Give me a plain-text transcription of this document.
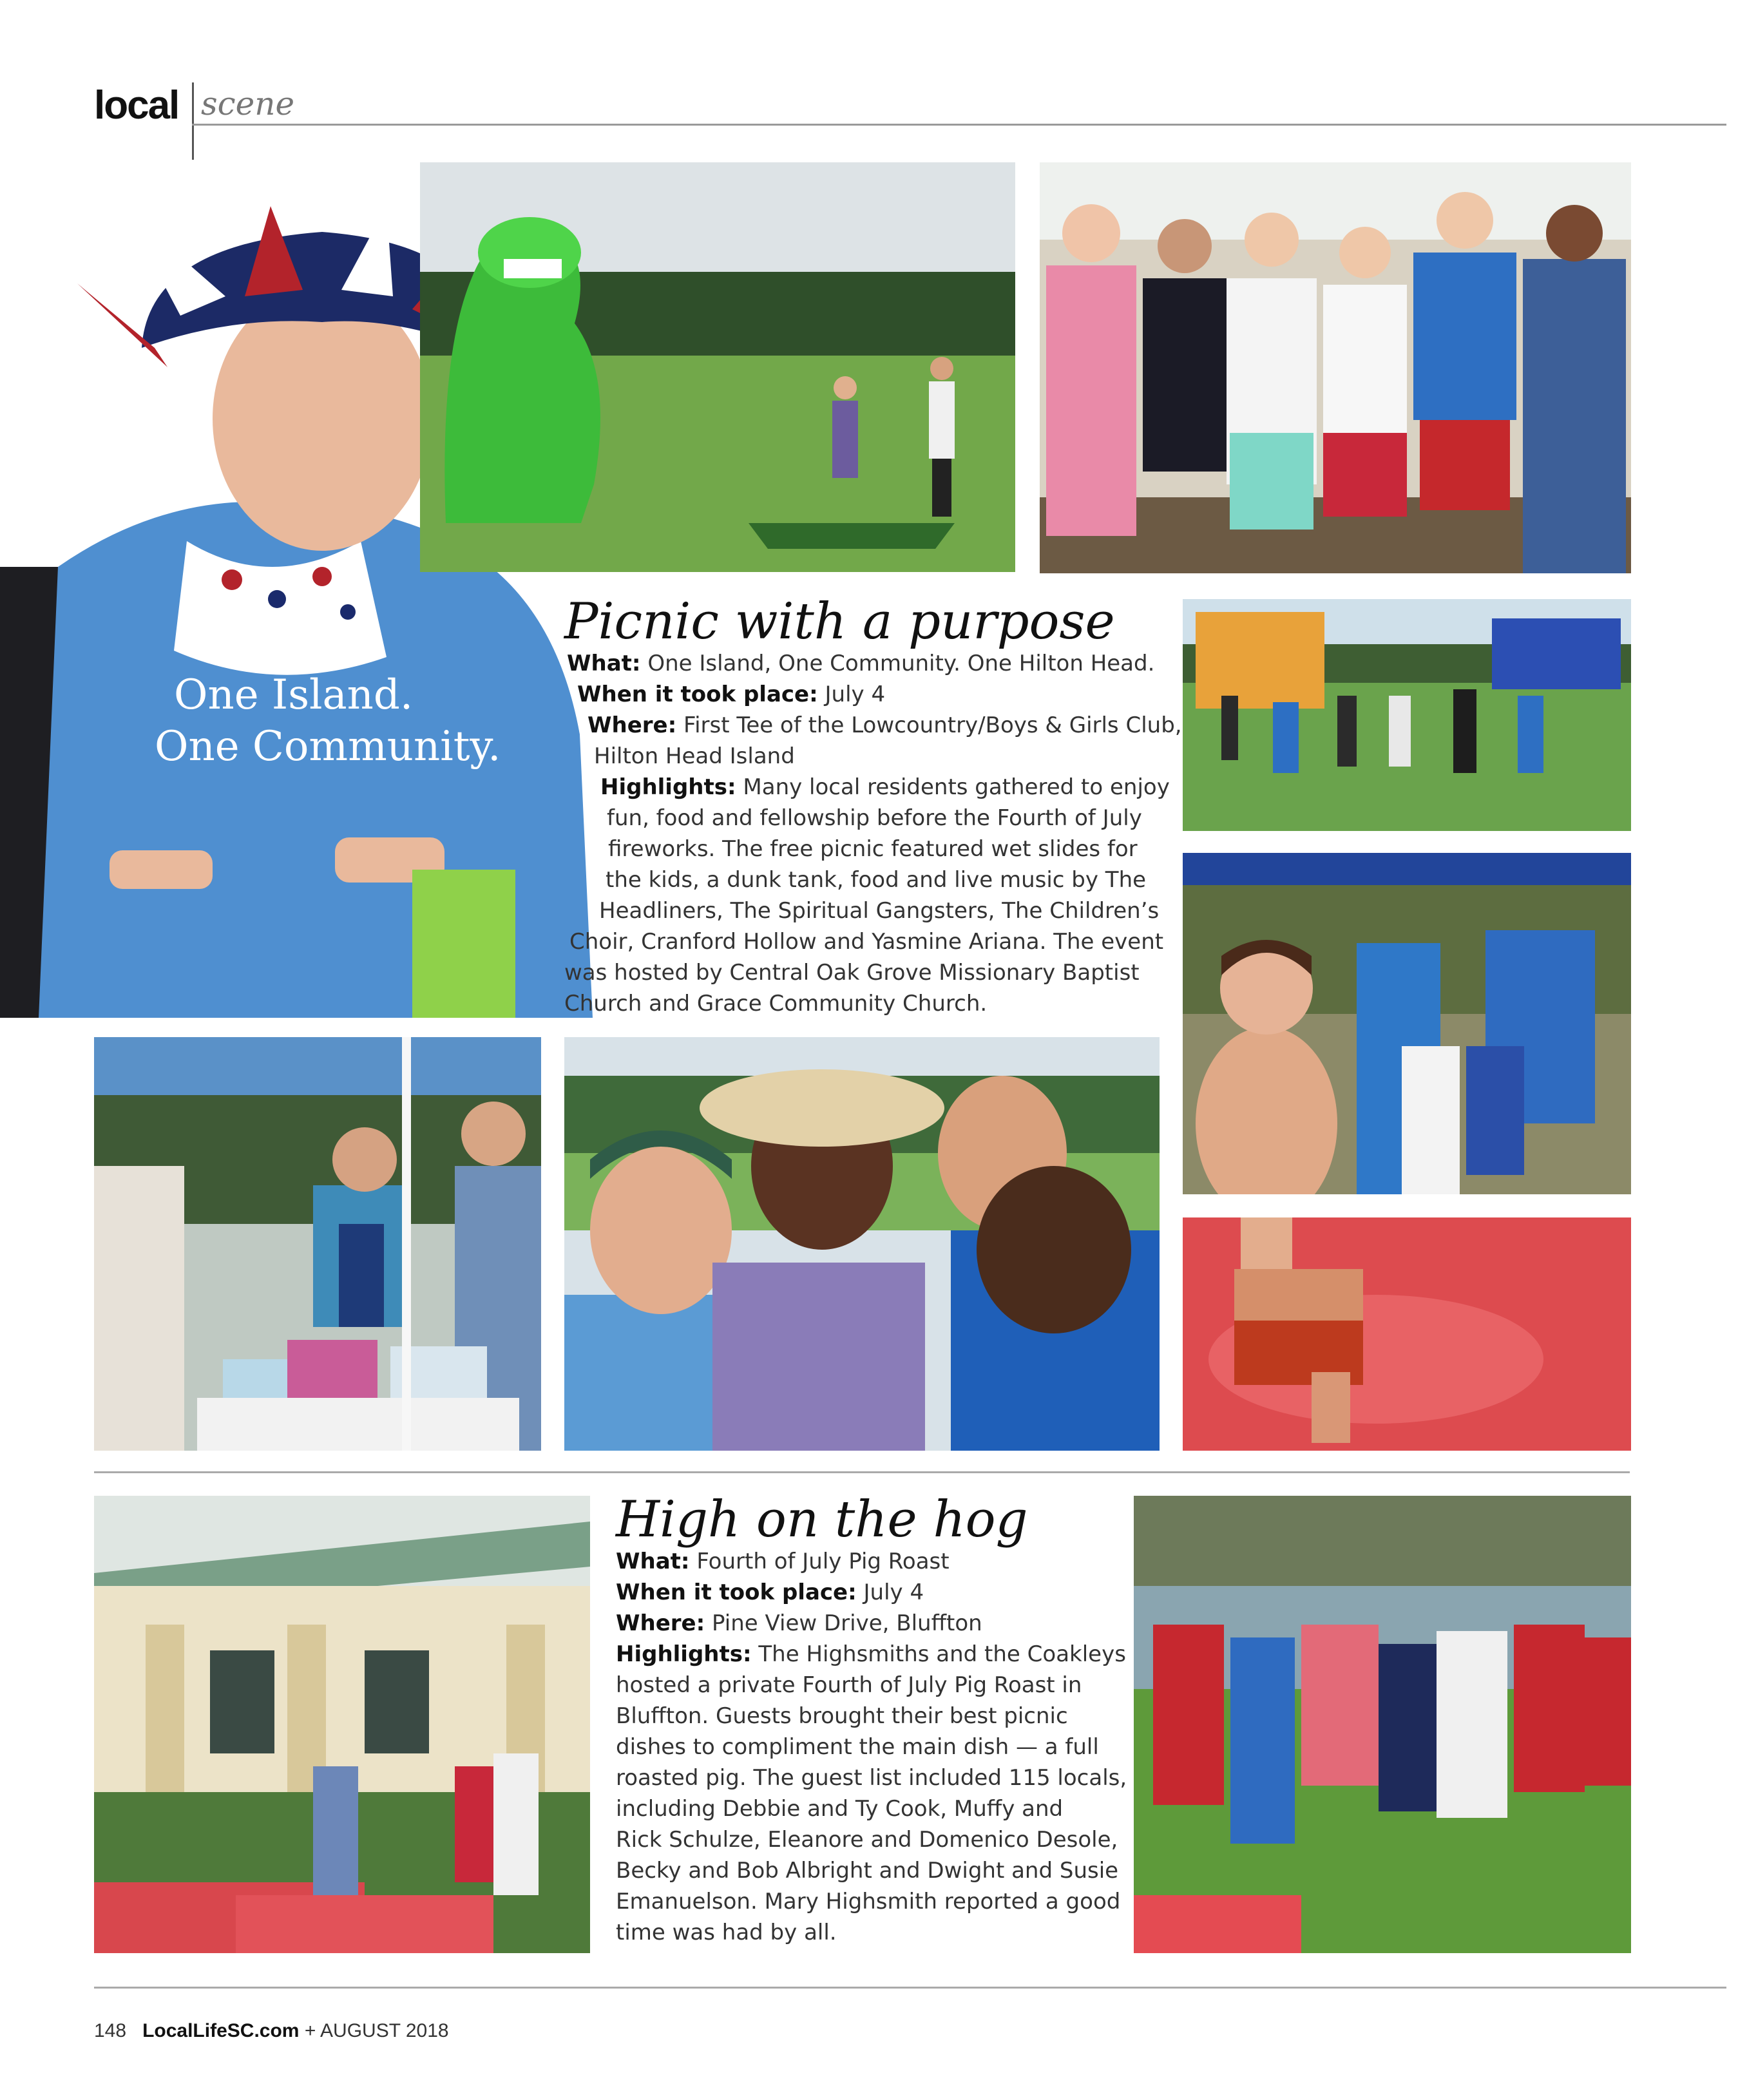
local scene
One Island.
One Community.
Picnic with a purpose
What: One Island, One Community. One Hilton Head.
When it took place: July 4
Where: First Tee of the Lowcountry/Boys & Girls Club,
Hilton Head Island
Highlights: Many local residents gathered to enjoy
fun, food and fellowship before the Fourth of July
fireworks. The free picnic featured wet slides for
the kids, a dunk tank, food and live music by The
Headliners, The Spiritual Gangsters, The Children’s
Choir, Cranford Hollow and Yasmine Ariana. The event
was hosted by Central Oak Grove Missionary Baptist
Church and Grace Community Church.
High on the hog
What: Fourth of July Pig Roast
When it took place: July 4
Where: Pine View Drive, Bluffton
Highlights: The Highsmiths and the Coakleys
hosted a private Fourth of July Pig Roast in
Bluffton. Guests brought their best picnic
dishes to compliment the main dish — a full
roasted pig. The guest list included 115 locals,
including Debbie and Ty Cook, Muffy and
Rick Schulze, Eleanore and Domenico Desole,
Becky and Bob Albright and Dwight and Susie
Emanuelson. Mary Highsmith reported a good
time was had by all.
148 LocalLifeSC.com + AUGUST 2018
